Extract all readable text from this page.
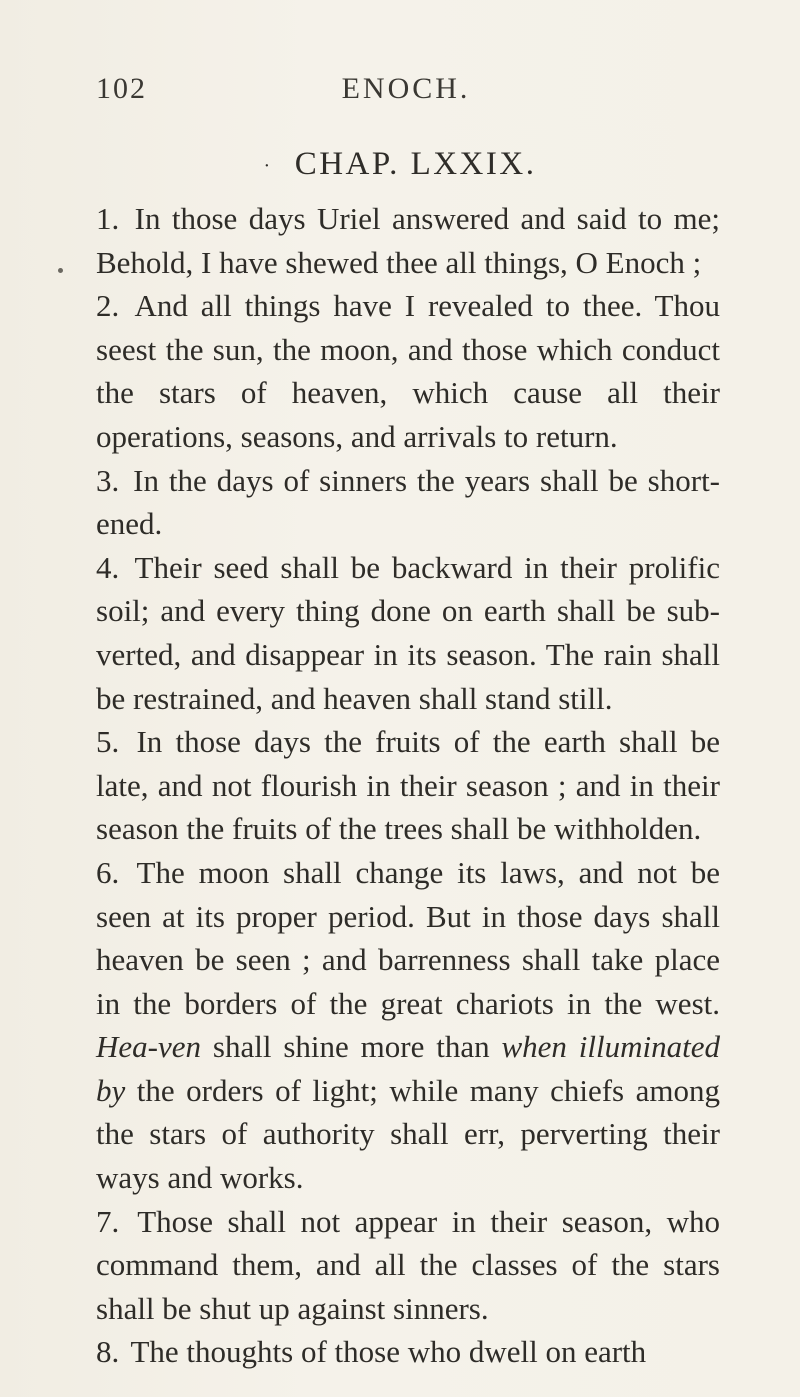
102	ENOCH.
· CHAP. LXXIX.

1. In those days Uriel answered and said to me; Behold, I have shewed thee all things, O Enoch ;

2. And all things have I revealed to thee. Thou seest the sun, the moon, and those which conduct the stars of heaven, which cause all their operations, seasons, and arrivals to return.

3. In the days of sinners the years shall be short-ened.

4. Their seed shall be backward in their prolific soil; and every thing done on earth shall be sub-verted, and disappear in its season. The rain shall be restrained, and heaven shall stand still.

5. In those days the fruits of the earth shall be late, and not flourish in their season ; and in their season the fruits of the trees shall be withholden.

6. The moon shall change its laws, and not be seen at its proper period. But in those days shall heaven be seen ; and barrenness shall take place in the borders of the great chariots in the west. Hea-ven shall shine more than when illuminated by the orders of light; while many chiefs among the stars of authority shall err, perverting their ways and works.

7. Those shall not appear in their season, who command them, and all the classes of the stars shall be shut up against sinners.

8. The thoughts of those who dwell on earth
